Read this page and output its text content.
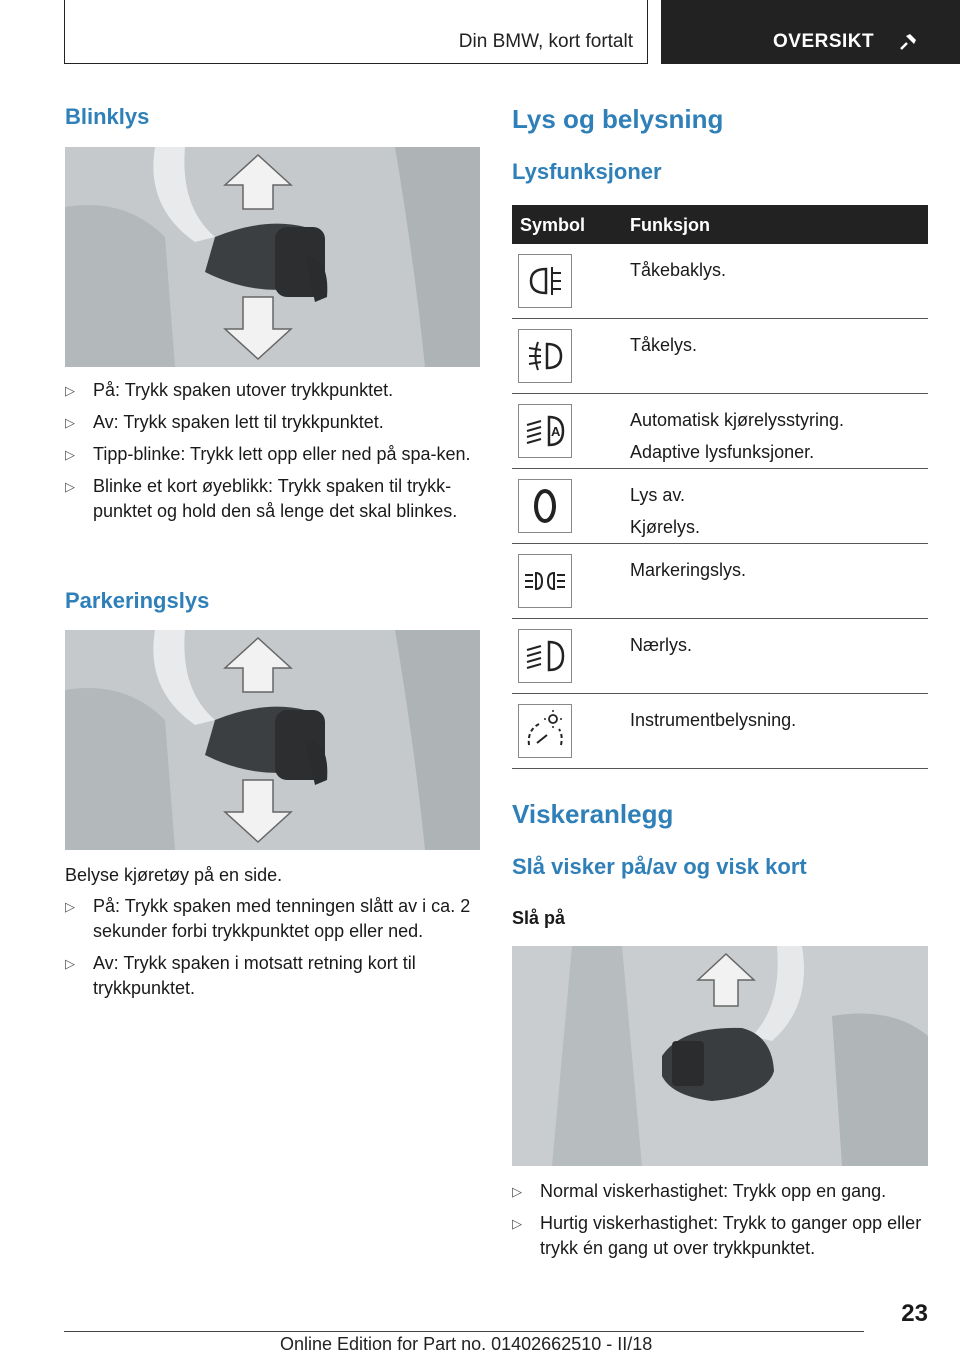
Din BMW, kort fortalt	OVERSIKT
Blinklys
▷ På: Trykk spaken utover trykkpunktet.
▷ Av: Trykk spaken lett til trykkpunktet.
▷ Tipp-blinke: Trykk lett opp eller ned på spa-ken.
▷ Blinke et kort øyeblikk: Trykk spaken til trykk-punktet og hold den så lenge det skal blinkes.
Parkeringslys
Belyse kjøretøy på en side.
▷ På: Trykk spaken med tenningen slått av i ca. 2 sekunder forbi trykkpunktet opp eller ned.
▷ Av: Trykk spaken i motsatt retning kort til trykkpunktet.
Lys og belysning
Lysfunksjoner
Symbol Funksjon
Tåkebaklys.
Tåkelys.
A
Automatisk kjørelysstyring.
Adaptive lysfunksjoner.
Lys av.
Kjørelys.
Markeringslys.
Nærlys.
Instrumentbelysning.
Viskeranlegg
Slå visker på/av og visk kort
Slå på
▷ Normal viskerhastighet: Trykk opp en gang.
▷ Hurtig viskerhastighet: Trykk to ganger opp eller trykk én gang ut over trykkpunktet.
23
Online Edition for Part no. 01402662510 - II/18
